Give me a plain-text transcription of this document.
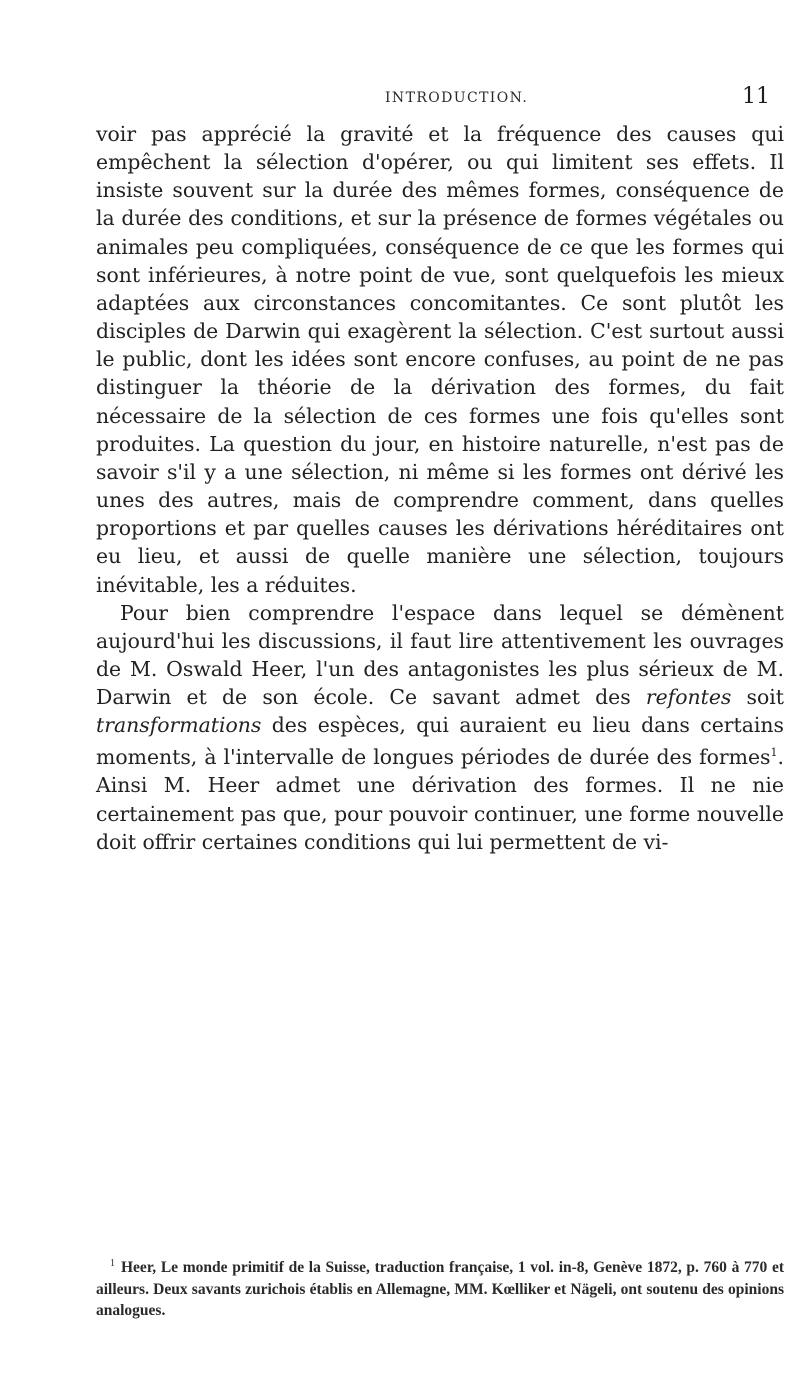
INTRODUCTION.	11

voir pas apprécié la gravité et la fréquence des causes qui empêchent la sélection d'opérer, ou qui limitent ses effets. Il insiste souvent sur la durée des mêmes formes, conséquence de la durée des conditions, et sur la présence de formes végétales ou animales peu compliquées, conséquence de ce que les formes qui sont inférieures, à notre point de vue, sont quelquefois les mieux adaptées aux circonstances concomitantes. Ce sont plutôt les disciples de Darwin qui exagèrent la sélection. C'est surtout aussi le public, dont les idées sont encore confuses, au point de ne pas distinguer la théorie de la dérivation des formes, du fait nécessaire de la sélection de ces formes une fois qu'elles sont produites. La question du jour, en histoire naturelle, n'est pas de savoir s'il y a une sélection, ni même si les formes ont dérivé les unes des autres, mais de comprendre comment, dans quelles proportions et par quelles causes les dérivations héréditaires ont eu lieu, et aussi de quelle manière une sélection, toujours inévitable, les a réduites.

Pour bien comprendre l'espace dans lequel se démènent aujourd'hui les discussions, il faut lire attentivement les ouvrages de M. Oswald Heer, l'un des antagonistes les plus sérieux de M. Darwin et de son école. Ce savant admet des refontes soit transformations des espèces, qui auraient eu lieu dans certains moments, à l'intervalle de longues périodes de durée des formes$^1$. Ainsi M. Heer admet une dérivation des formes. Il ne nie certainement pas que, pour pouvoir continuer, une forme nouvelle doit offrir certaines conditions qui lui permettent de vi-

$^1$ Heer, Le monde primitif de la Suisse, traduction française, 1 vol. in-8, Genève 1872, p. 760 à 770 et ailleurs. Deux savants zurichois établis en Allemagne, MM. Kœlliker et Nägeli, ont soutenu des opinions analogues.
